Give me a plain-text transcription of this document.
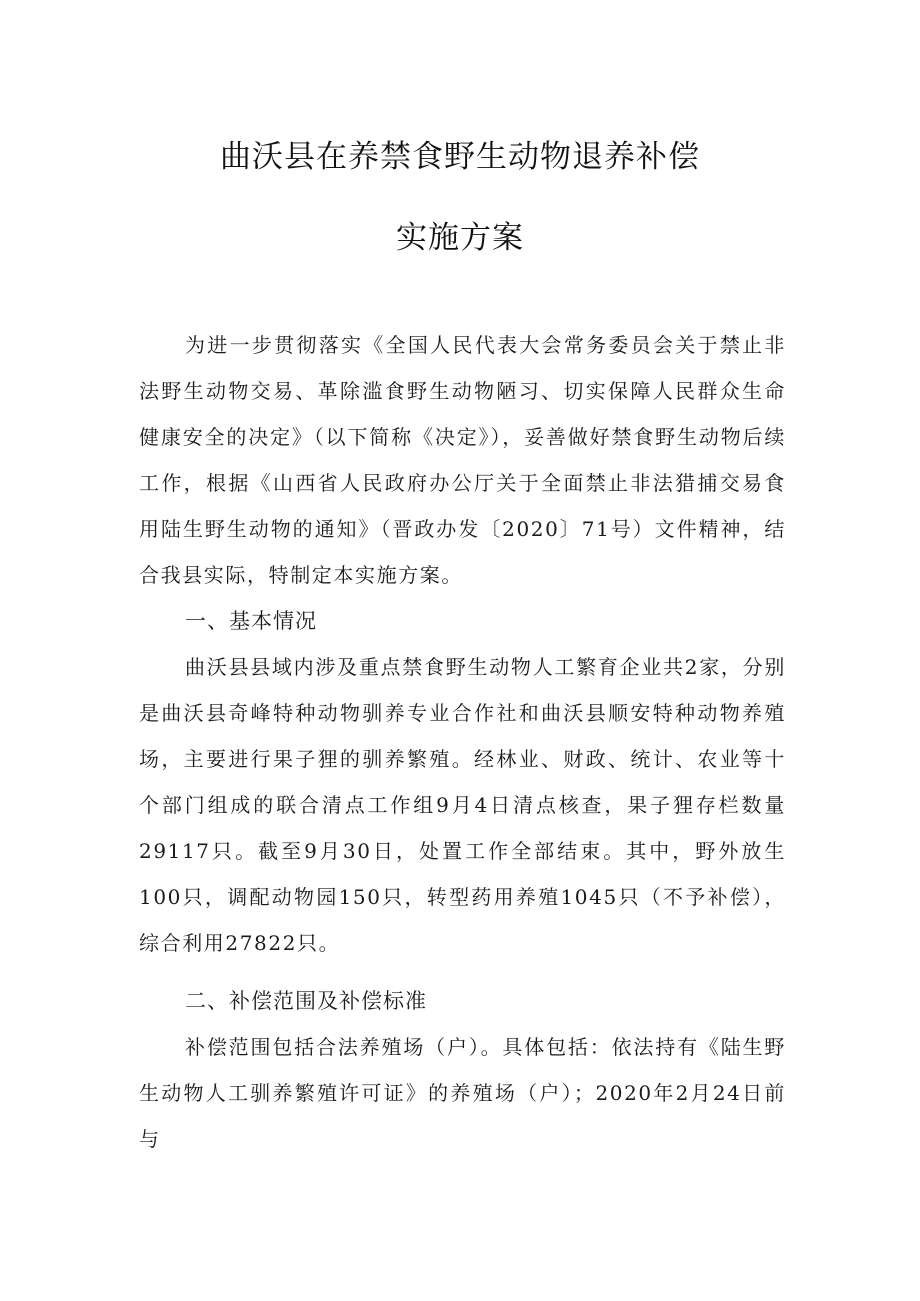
曲沃县在养禁食野生动物退养补偿
实施方案

为进一步贯彻落实《全国人民代表大会常务委员会关于禁止非法野生动物交易、革除滥食野生动物陋习、切实保障人民群众生命健康安全的决定》（以下简称《决定》），妥善做好禁食野生动物后续工作，根据《山西省人民政府办公厅关于全面禁止非法猎捕交易食用陆生野生动物的通知》（晋政办发〔2020〕71号）文件精神，结合我县实际，特制定本实施方案。

一、基本情况

曲沃县县域内涉及重点禁食野生动物人工繁育企业共2家，分别是曲沃县奇峰特种动物驯养专业合作社和曲沃县顺安特种动物养殖场，主要进行果子狸的驯养繁殖。经林业、财政、统计、农业等十个部门组成的联合清点工作组9月4日清点核查，果子狸存栏数量29117只。截至9月30日，处置工作全部结束。其中，野外放生100只，调配动物园150只，转型药用养殖1045只（不予补偿），综合利用27822只。

二、补偿范围及补偿标准

补偿范围包括合法养殖场（户）。具体包括：依法持有《陆生野生动物人工驯养繁殖许可证》的养殖场（户）；2020年2月24日前与
